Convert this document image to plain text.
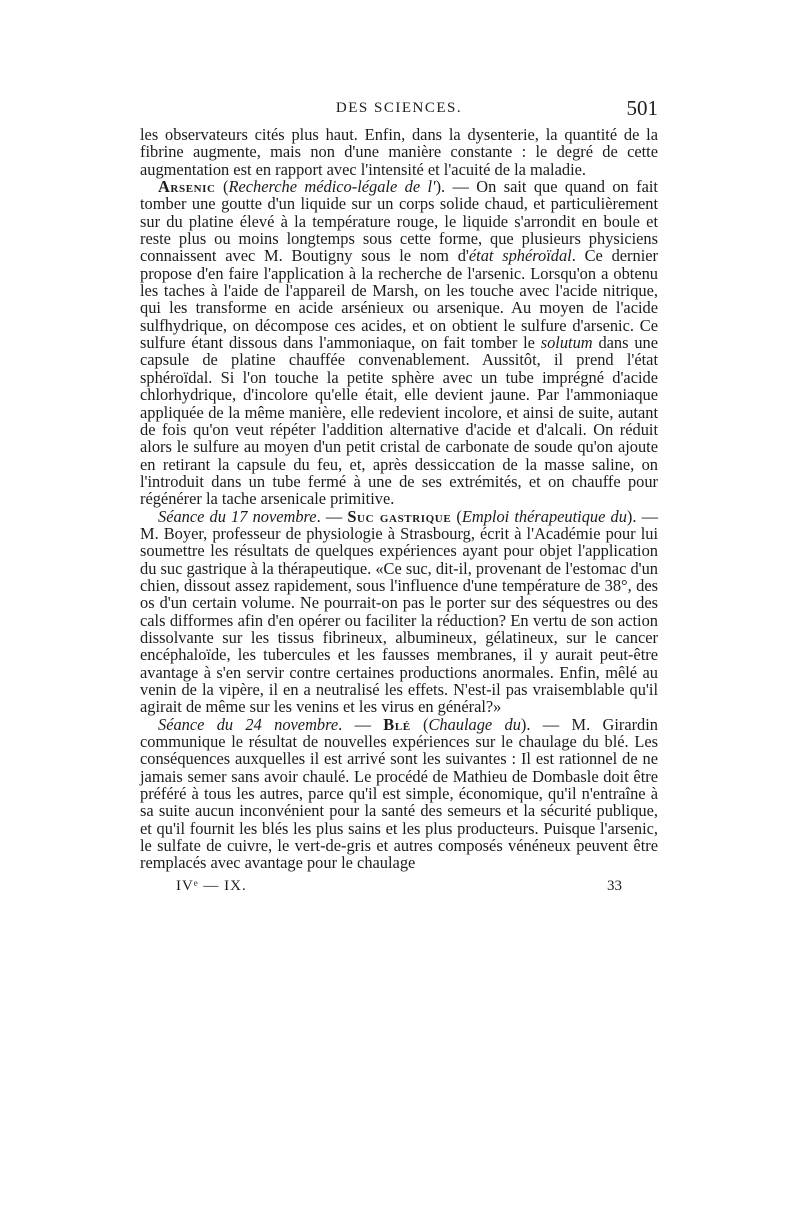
DES SCIENCES.	501

les observateurs cités plus haut. Enfin, dans la dysenterie, la quantité de la fibrine augmente, mais non d'une manière constante : le degré de cette augmentation est en rapport avec l'intensité et l'acuité de la maladie.

Arsenic (Recherche médico-légale de l'). — On sait que quand on fait tomber une goutte d'un liquide sur un corps solide chaud, et particulièrement sur du platine élevé à la température rouge, le liquide s'arrondit en boule et reste plus ou moins longtemps sous cette forme, que plusieurs physiciens connaissent avec M. Boutigny sous le nom d'état sphéroïdal. Ce dernier propose d'en faire l'application à la recherche de l'arsenic. Lorsqu'on a obtenu les taches à l'aide de l'appareil de Marsh, on les touche avec l'acide nitrique, qui les transforme en acide arsénieux ou arsenique. Au moyen de l'acide sulfhydrique, on décompose ces acides, et on obtient le sulfure d'arsenic. Ce sulfure étant dissous dans l'ammoniaque, on fait tomber le solutum dans une capsule de platine chauffée convenablement. Aussitôt, il prend l'état sphéroïdal. Si l'on touche la petite sphère avec un tube imprégné d'acide chlorhydrique, d'incolore qu'elle était, elle devient jaune. Par l'ammoniaque appliquée de la même manière, elle redevient incolore, et ainsi de suite, autant de fois qu'on veut répéter l'addition alternative d'acide et d'alcali. On réduit alors le sulfure au moyen d'un petit cristal de carbonate de soude qu'on ajoute en retirant la capsule du feu, et, après dessiccation de la masse saline, on l'introduit dans un tube fermé à une de ses extrémités, et on chauffe pour régénérer la tache arsenicale primitive.

Séance du 17 novembre. — Suc gastrique (Emploi thérapeutique du). — M. Boyer, professeur de physiologie à Strasbourg, écrit à l'Académie pour lui soumettre les résultats de quelques expériences ayant pour objet l'application du suc gastrique à la thérapeutique. «Ce suc, dit-il, provenant de l'estomac d'un chien, dissout assez rapidement, sous l'influence d'une température de 38°, des os d'un certain volume. Ne pourrait-on pas le porter sur des séquestres ou des cals difformes afin d'en opérer ou faciliter la réduction? En vertu de son action dissolvante sur les tissus fibrineux, albumineux, gélatineux, sur le cancer encéphaloïde, les tubercules et les fausses membranes, il y aurait peut-être avantage à s'en servir contre certaines productions anormales. Enfin, mêlé au venin de la vipère, il en a neutralisé les effets. N'est-il pas vraisemblable qu'il agirait de même sur les venins et les virus en général?»

Séance du 24 novembre. — Blé (Chaulage du). — M. Girardin communique le résultat de nouvelles expériences sur le chaulage du blé. Les conséquences auxquelles il est arrivé sont les suivantes : Il est rationnel de ne jamais semer sans avoir chaulé. Le procédé de Mathieu de Dombasle doit être préféré à tous les autres, parce qu'il est simple, économique, qu'il n'entraîne à sa suite aucun inconvénient pour la santé des semeurs et la sécurité publique, et qu'il fournit les blés les plus sains et les plus producteurs. Puisque l'arsenic, le sulfate de cuivre, le vert-de-gris et autres composés vénéneux peuvent être remplacés avec avantage pour le chaulage

IVᵉ — IX.	33
